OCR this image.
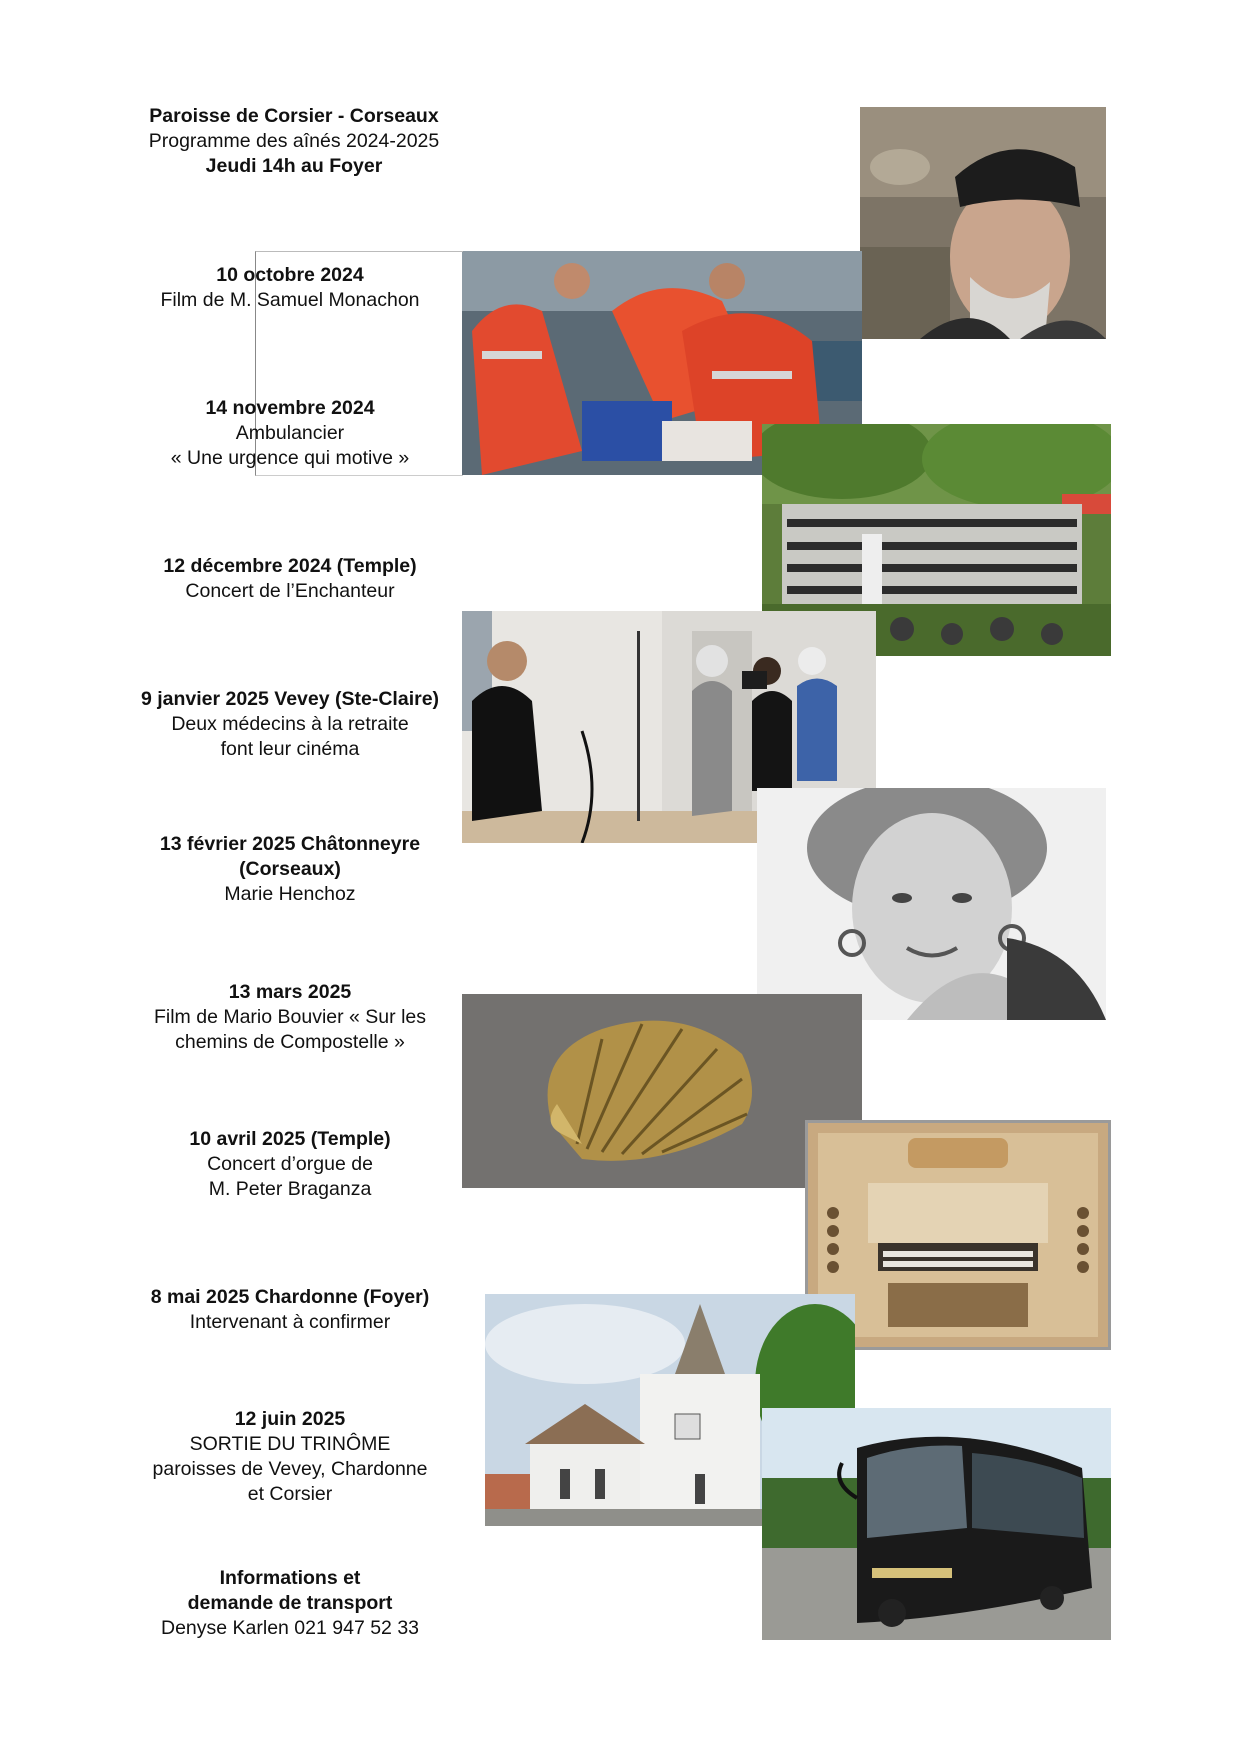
Paroisse de Corsier - Corseaux
Programme des aînés 2024-2025
Jeudi 14h au Foyer
10 octobre 2024
Film de M. Samuel Monachon
14 novembre 2024
Ambulancier
« Une urgence qui motive »
12 décembre 2024 (Temple)
Concert de l’Enchanteur
9 janvier 2025 Vevey (Ste-Claire)
Deux médecins à la retraite
font leur cinéma
13 février 2025 Châtonneyre
(Corseaux)
Marie Henchoz
13 mars 2025
Film de Mario Bouvier « Sur les
chemins de Compostelle »
10 avril 2025 (Temple)
Concert d’orgue de
M. Peter Braganza
8 mai 2025 Chardonne (Foyer)
Intervenant à confirmer
12 juin 2025
SORTIE DU TRINÔME
paroisses de Vevey, Chardonne
et Corsier
Informations et
demande de transport
Denyse Karlen 021 947 52 33
